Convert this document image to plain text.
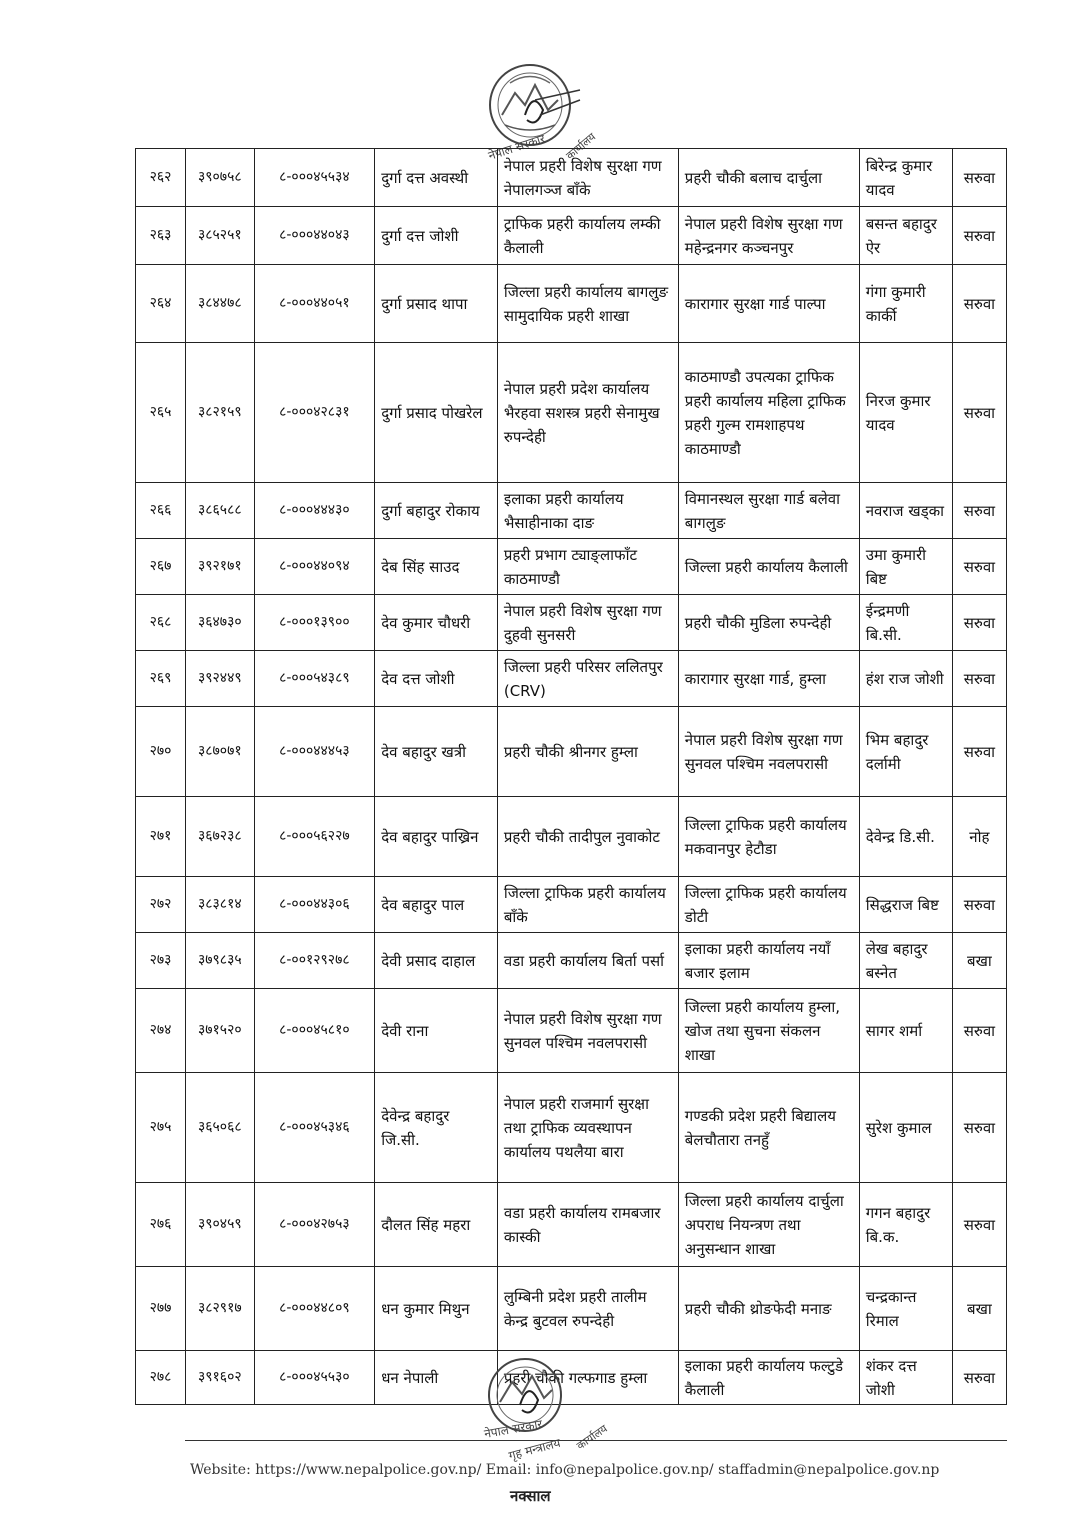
नेपाल सरकार कार्यालय
२६२	३९०७५८	८-०००४५५३४	दुर्गा दत्त अवस्थी	नेपाल प्रहरी विशेष सुरक्षा गण नेपालगञ्ज बाँके	प्रहरी चौकी बलाच दार्चुला	बिरेन्द्र कुमार यादव	सरुवा
२६३	३८५२५१	८-०००४४०४३	दुर्गा दत्त जोशी	ट्राफिक प्रहरी कार्यालय लम्की कैलाली	नेपाल प्रहरी विशेष सुरक्षा गण महेन्द्रनगर कञ्चनपुर	बसन्त बहादुर ऐर	सरुवा
२६४	३८४४७८	८-०००४४०५१	दुर्गा प्रसाद थापा	जिल्ला प्रहरी कार्यालय बागलुङ सामुदायिक प्रहरी शाखा	कारागार सुरक्षा गार्ड पाल्पा	गंगा कुमारी कार्की	सरुवा
२६५	३८२१५९	८-०००४२८३१	दुर्गा प्रसाद पोखरेल	नेपाल प्रहरी प्रदेश कार्यालय भैरहवा सशस्त्र प्रहरी सेनामुख रुपन्देही	काठमाण्डौ उपत्यका ट्राफिक प्रहरी कार्यालय महिला ट्राफिक प्रहरी गुल्म रामशाहपथ काठमाण्डौ	निरज कुमार यादव	सरुवा
२६६	३८६५८८	८-०००४४४३०	दुर्गा बहादुर रोकाय	इलाका प्रहरी कार्यालय भैसाहीनाका दाङ	विमानस्थल सुरक्षा गार्ड बलेवा बागलुङ	नवराज खड्का	सरुवा
२६७	३९२१७१	८-०००४४०९४	देब सिंह साउद	प्रहरी प्रभाग ट्याङ्लाफाँट काठमाण्डौ	जिल्ला प्रहरी कार्यालय कैलाली	उमा कुमारी बिष्ट	सरुवा
२६८	३६४७३०	८-०००१३९००	देव कुमार चौधरी	नेपाल प्रहरी विशेष सुरक्षा गण दुहवी सुनसरी	प्रहरी चौकी मुडिला रुपन्देही	ईन्द्रमणी बि.सी.	सरुवा
२६९	३९२४४९	८-०००५४३८९	देव दत्त जोशी	जिल्ला प्रहरी परिसर ललितपुर (CRV)	कारागार सुरक्षा गार्ड, हुम्ला	हंश राज जोशी	सरुवा
२७०	३८७०७१	८-०००४४४५३	देव बहादुर खत्री	प्रहरी चौकी श्रीनगर हुम्ला	नेपाल प्रहरी विशेष सुरक्षा गण सुनवल पश्चिम नवलपरासी	भिम बहादुर दर्लामी	सरुवा
२७१	३६७२३८	८-०००५६२२७	देव बहादुर पाख्रिन	प्रहरी चौकी तादीपुल नुवाकोट	जिल्ला ट्राफिक प्रहरी कार्यालय मकवानपुर हेटौडा	देवेन्द्र डि.सी.	नोह
२७२	३८३८१४	८-०००४४३०६	देव बहादुर पाल	जिल्ला ट्राफिक प्रहरी कार्यालय बाँके	जिल्ला ट्राफिक प्रहरी कार्यालय डोटी	सिद्धराज बिष्ट	सरुवा
२७३	३७९८३५	८-००१२९२७८	देवी प्रसाद दाहाल	वडा प्रहरी कार्यालय बिर्ता पर्सा	इलाका प्रहरी कार्यालय नयाँ बजार इलाम	लेख बहादुर बस्नेत	बखा
२७४	३७१५२०	८-०००४५८१०	देवी राना	नेपाल प्रहरी विशेष सुरक्षा गण सुनवल पश्चिम नवलपरासी	जिल्ला प्रहरी कार्यालय हुम्ला, खोज तथा सुचना संकलन शाखा	सागर शर्मा	सरुवा
२७५	३६५०६८	८-०००४५३४६	देवेन्द्र बहादुर जि.सी.	नेपाल प्रहरी राजमार्ग सुरक्षा तथा ट्राफिक व्यवस्थापन कार्यालय पथलैया बारा	गण्डकी प्रदेश प्रहरी बिद्यालय बेलचौतारा तनहुँ	सुरेश कुमाल	सरुवा
२७६	३९०४५९	८-०००४२७५३	दौलत सिंह महरा	वडा प्रहरी कार्यालय रामबजार कास्की	जिल्ला प्रहरी कार्यालय दार्चुला अपराध नियन्त्रण तथा अनुसन्धान शाखा	गगन बहादुर बि.क.	सरुवा
२७७	३८२९१७	८-०००४४८०९	धन कुमार मिथुन	लुम्बिनी प्रदेश प्रहरी तालीम केन्द्र बुटवल रुपन्देही	प्रहरी चौकी थ्रोङफेदी मनाङ	चन्द्रकान्त रिमाल	बखा
२७८	३९१६०२	८-०००४५५३०	धन नेपाली	प्रहरी चौकी गल्फगाड हुम्ला	इलाका प्रहरी कार्यालय फल्टुडे कैलाली	शंकर दत्त जोशी	सरुवा
नेपाल सरकार
गृह मन्त्रालय कार्यालय
Website: https://www.nepalpolice.gov.np/ Email: info@nepalpolice.gov.np/ staffadmin@nepalpolice.gov.np
नक्साल
